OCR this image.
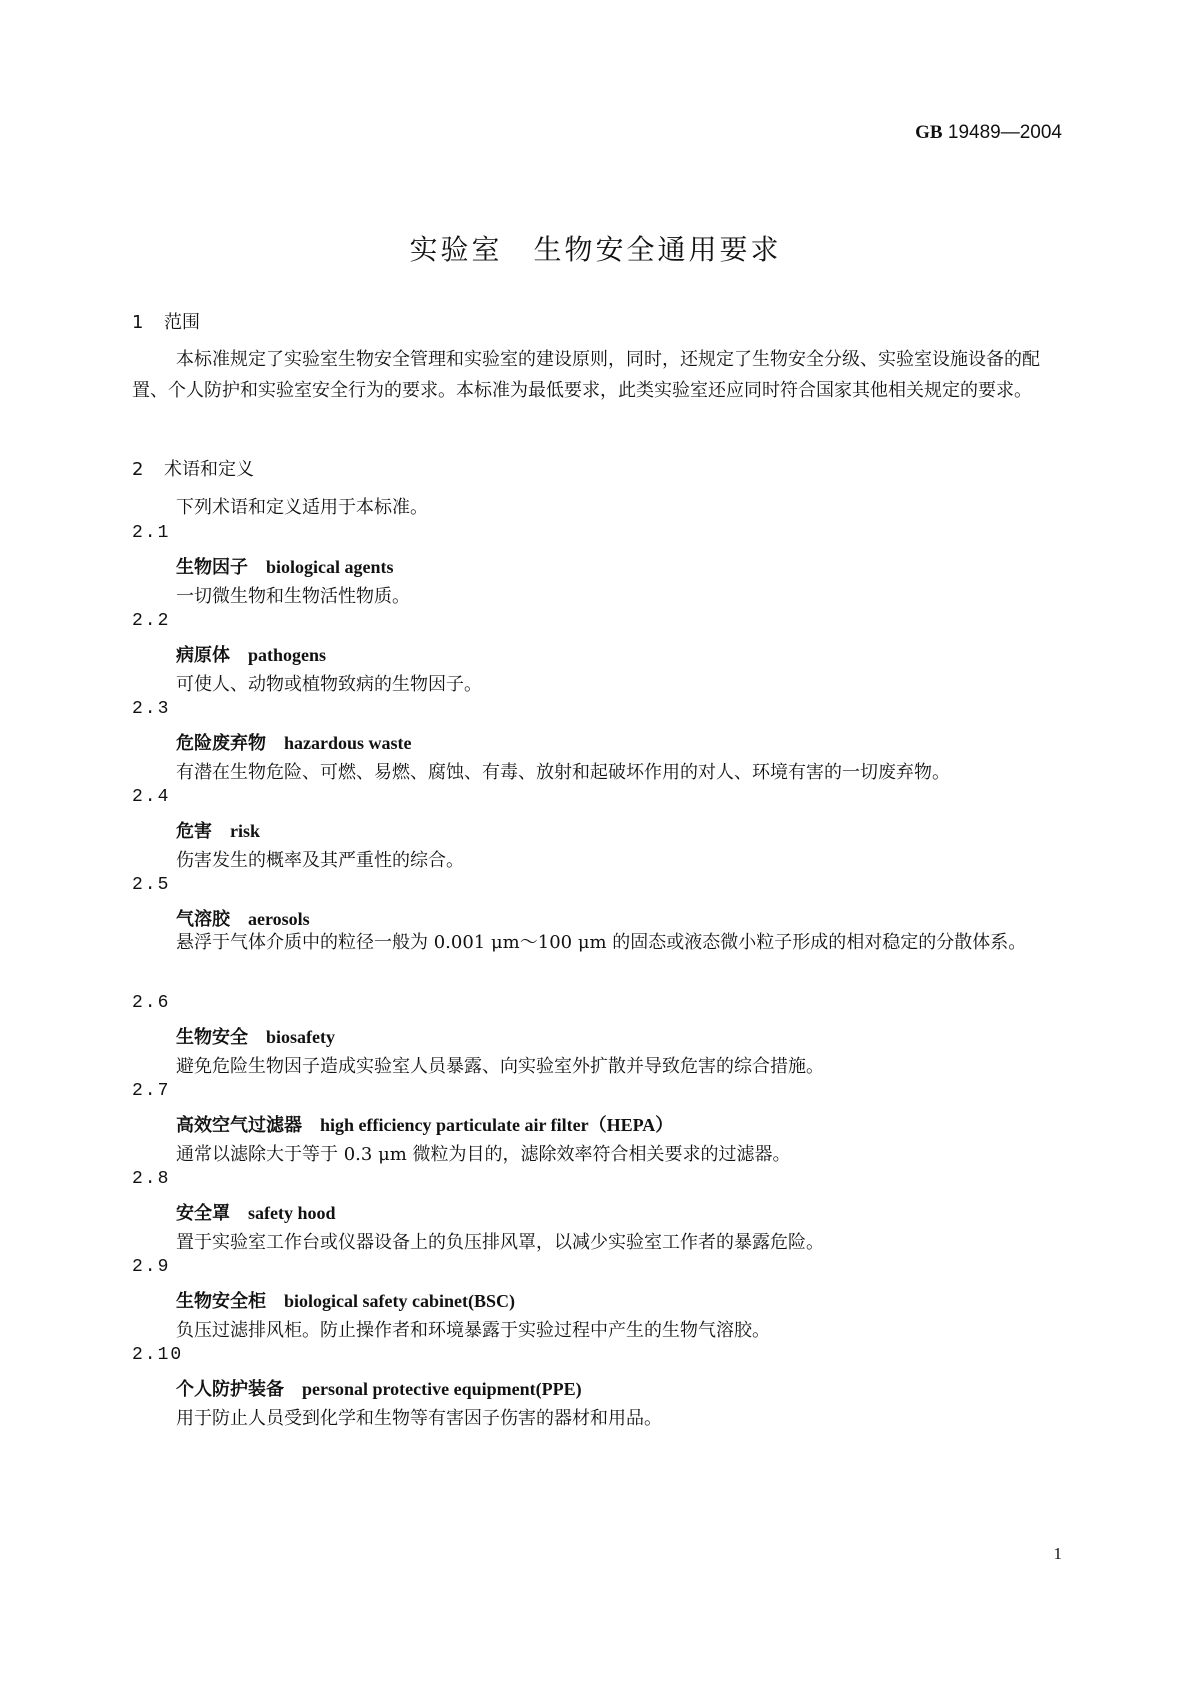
GB 19489—2004
实验室　生物安全通用要求
1 范围

本标准规定了实验室生物安全管理和实验室的建设原则，同时，还规定了生物安全分级、实验室设施设备的配置、个人防护和实验室安全行为的要求。本标准为最低要求，此类实验室还应同时符合国家其他相关规定的要求。

2 术语和定义
下列术语和定义适用于本标准。
2.1
生物因子 biological agents
一切微生物和生物活性物质。
2.2
病原体 pathogens
可使人、动物或植物致病的生物因子。
2.3
危险废弃物 hazardous waste
有潜在生物危险、可燃、易燃、腐蚀、有毒、放射和起破坏作用的对人、环境有害的一切废弃物。
2.4
危害 risk
伤害发生的概率及其严重性的综合。
2.5
气溶胶 aerosols

悬浮于气体介质中的粒径一般为 0.001 μm～100 μm 的固态或液态微小粒子形成的相对稳定的分散体系。

2.6
生物安全 biosafety
避免危险生物因子造成实验室人员暴露、向实验室外扩散并导致危害的综合措施。
2.7
高效空气过滤器 high efficiency particulate air filter（HEPA）
通常以滤除大于等于 0.3 μm 微粒为目的，滤除效率符合相关要求的过滤器。
2.8
安全罩 safety hood
置于实验室工作台或仪器设备上的负压排风罩，以减少实验室工作者的暴露危险。
2.9
生物安全柜 biological safety cabinet(BSC)
负压过滤排风柜。防止操作者和环境暴露于实验过程中产生的生物气溶胶。
2.10
个人防护装备 personal protective equipment(PPE)
用于防止人员受到化学和生物等有害因子伤害的器材和用品。
1
